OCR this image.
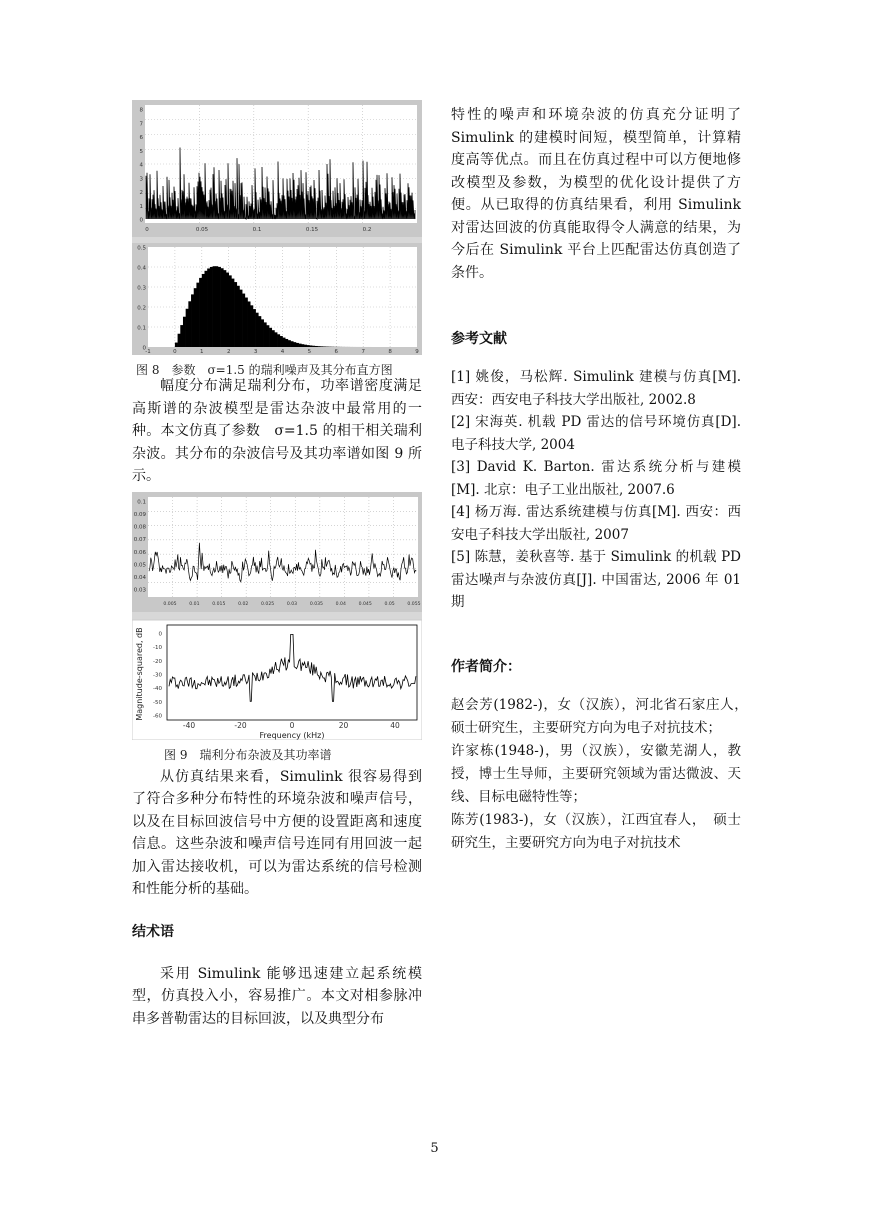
8
7
6
5
4
3
2
1
0
0	0.05	0.1	0.15	0.2
0.5
0.4
0.3
0.2
0.1
0
-1	0	1	2	3	4	5	6	7	8	9

图 8　参数　σ=1.5 的瑞利噪声及其分布直方图

幅度分布满足瑞利分布，功率谱密度满足高斯谱的杂波模型是雷达杂波中最常用的一种。本文仿真了参数　σ=1.5 的相干相关瑞利杂波。其分布的杂波信号及其功率谱如图 9 所示。

0.1
0.09
0.08
0.07
0.06
0.05
0.04
0.03
0.005	0.01	0.015	0.02	0.025	0.03	0.035	0.04	0.045	0.05	0.055
0
-10
-20
-30
-40
-50
-60
-40	-20	0	20	40
Magnitude-squared, dB
Frequency (kHz)

图 9　瑞利分布杂波及其功率谱

从仿真结果来看，Simulink 很容易得到了符合多种分布特性的环境杂波和噪声信号，以及在目标回波信号中方便的设置距离和速度信息。这些杂波和噪声信号连同有用回波一起加入雷达接收机，可以为雷达系统的信号检测和性能分析的基础。

结术语

采用 Simulink 能够迅速建立起系统模型，仿真投入小，容易推广。本文对相参脉冲串多普勒雷达的目标回波，以及典型分布

特性的噪声和环境杂波的仿真充分证明了 Simulink 的建模时间短，模型简单，计算精度高等优点。而且在仿真过程中可以方便地修改模型及参数，为模型的优化设计提供了方便。从已取得的仿真结果看，利用 Simulink 对雷达回波的仿真能取得令人满意的结果，为今后在 Simulink 平台上匹配雷达仿真创造了条件。

参考文献

[1] 姚俊，马松辉. Simulink 建模与仿真[M]. 西安：西安电子科技大学出版社, 2002.8

[2] 宋海英. 机载 PD 雷达的信号环境仿真[D]. 电子科技大学, 2004

[3] David K. Barton. 雷达系统分析与建模[M]. 北京：电子工业出版社, 2007.6

[4] 杨万海. 雷达系统建模与仿真[M]. 西安：西安电子科技大学出版社, 2007

[5] 陈慧，姜秋喜等. 基于 Simulink 的机载 PD 雷达噪声与杂波仿真[J]. 中国雷达, 2006 年 01 期

作者简介：

赵会芳(1982-)，女（汉族），河北省石家庄人，　硕士研究生，主要研究方向为电子对抗技术；

许家栋(1948-)，男（汉族），安徽芜湖人，教授，博士生导师，主要研究领域为雷达微波、天线、目标电磁特性等；

陈芳(1983-)，女（汉族），江西宜春人，　硕士研究生，主要研究方向为电子对抗技术

5
